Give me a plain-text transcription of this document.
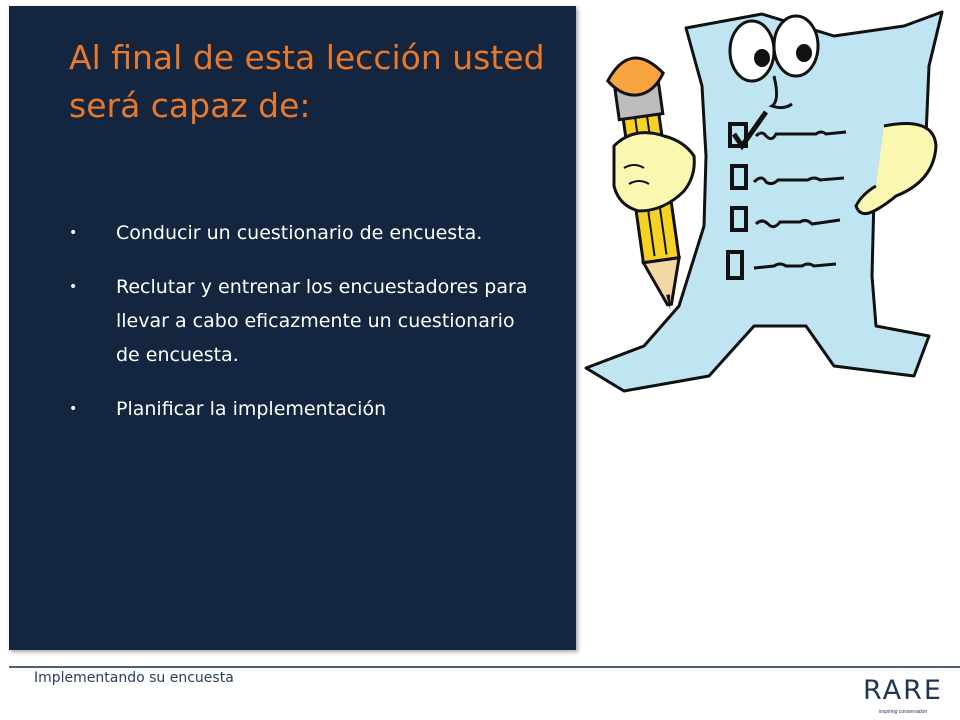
Al final de esta lección usted será capaz de:
• Conducir un cuestionario de encuesta.
• Reclutar y entrenar los encuestadores para llevar a cabo eficazmente un cuestionario de encuesta.
• Planificar la implementación
Implementando su encuesta	RARE
inspiring conservation
